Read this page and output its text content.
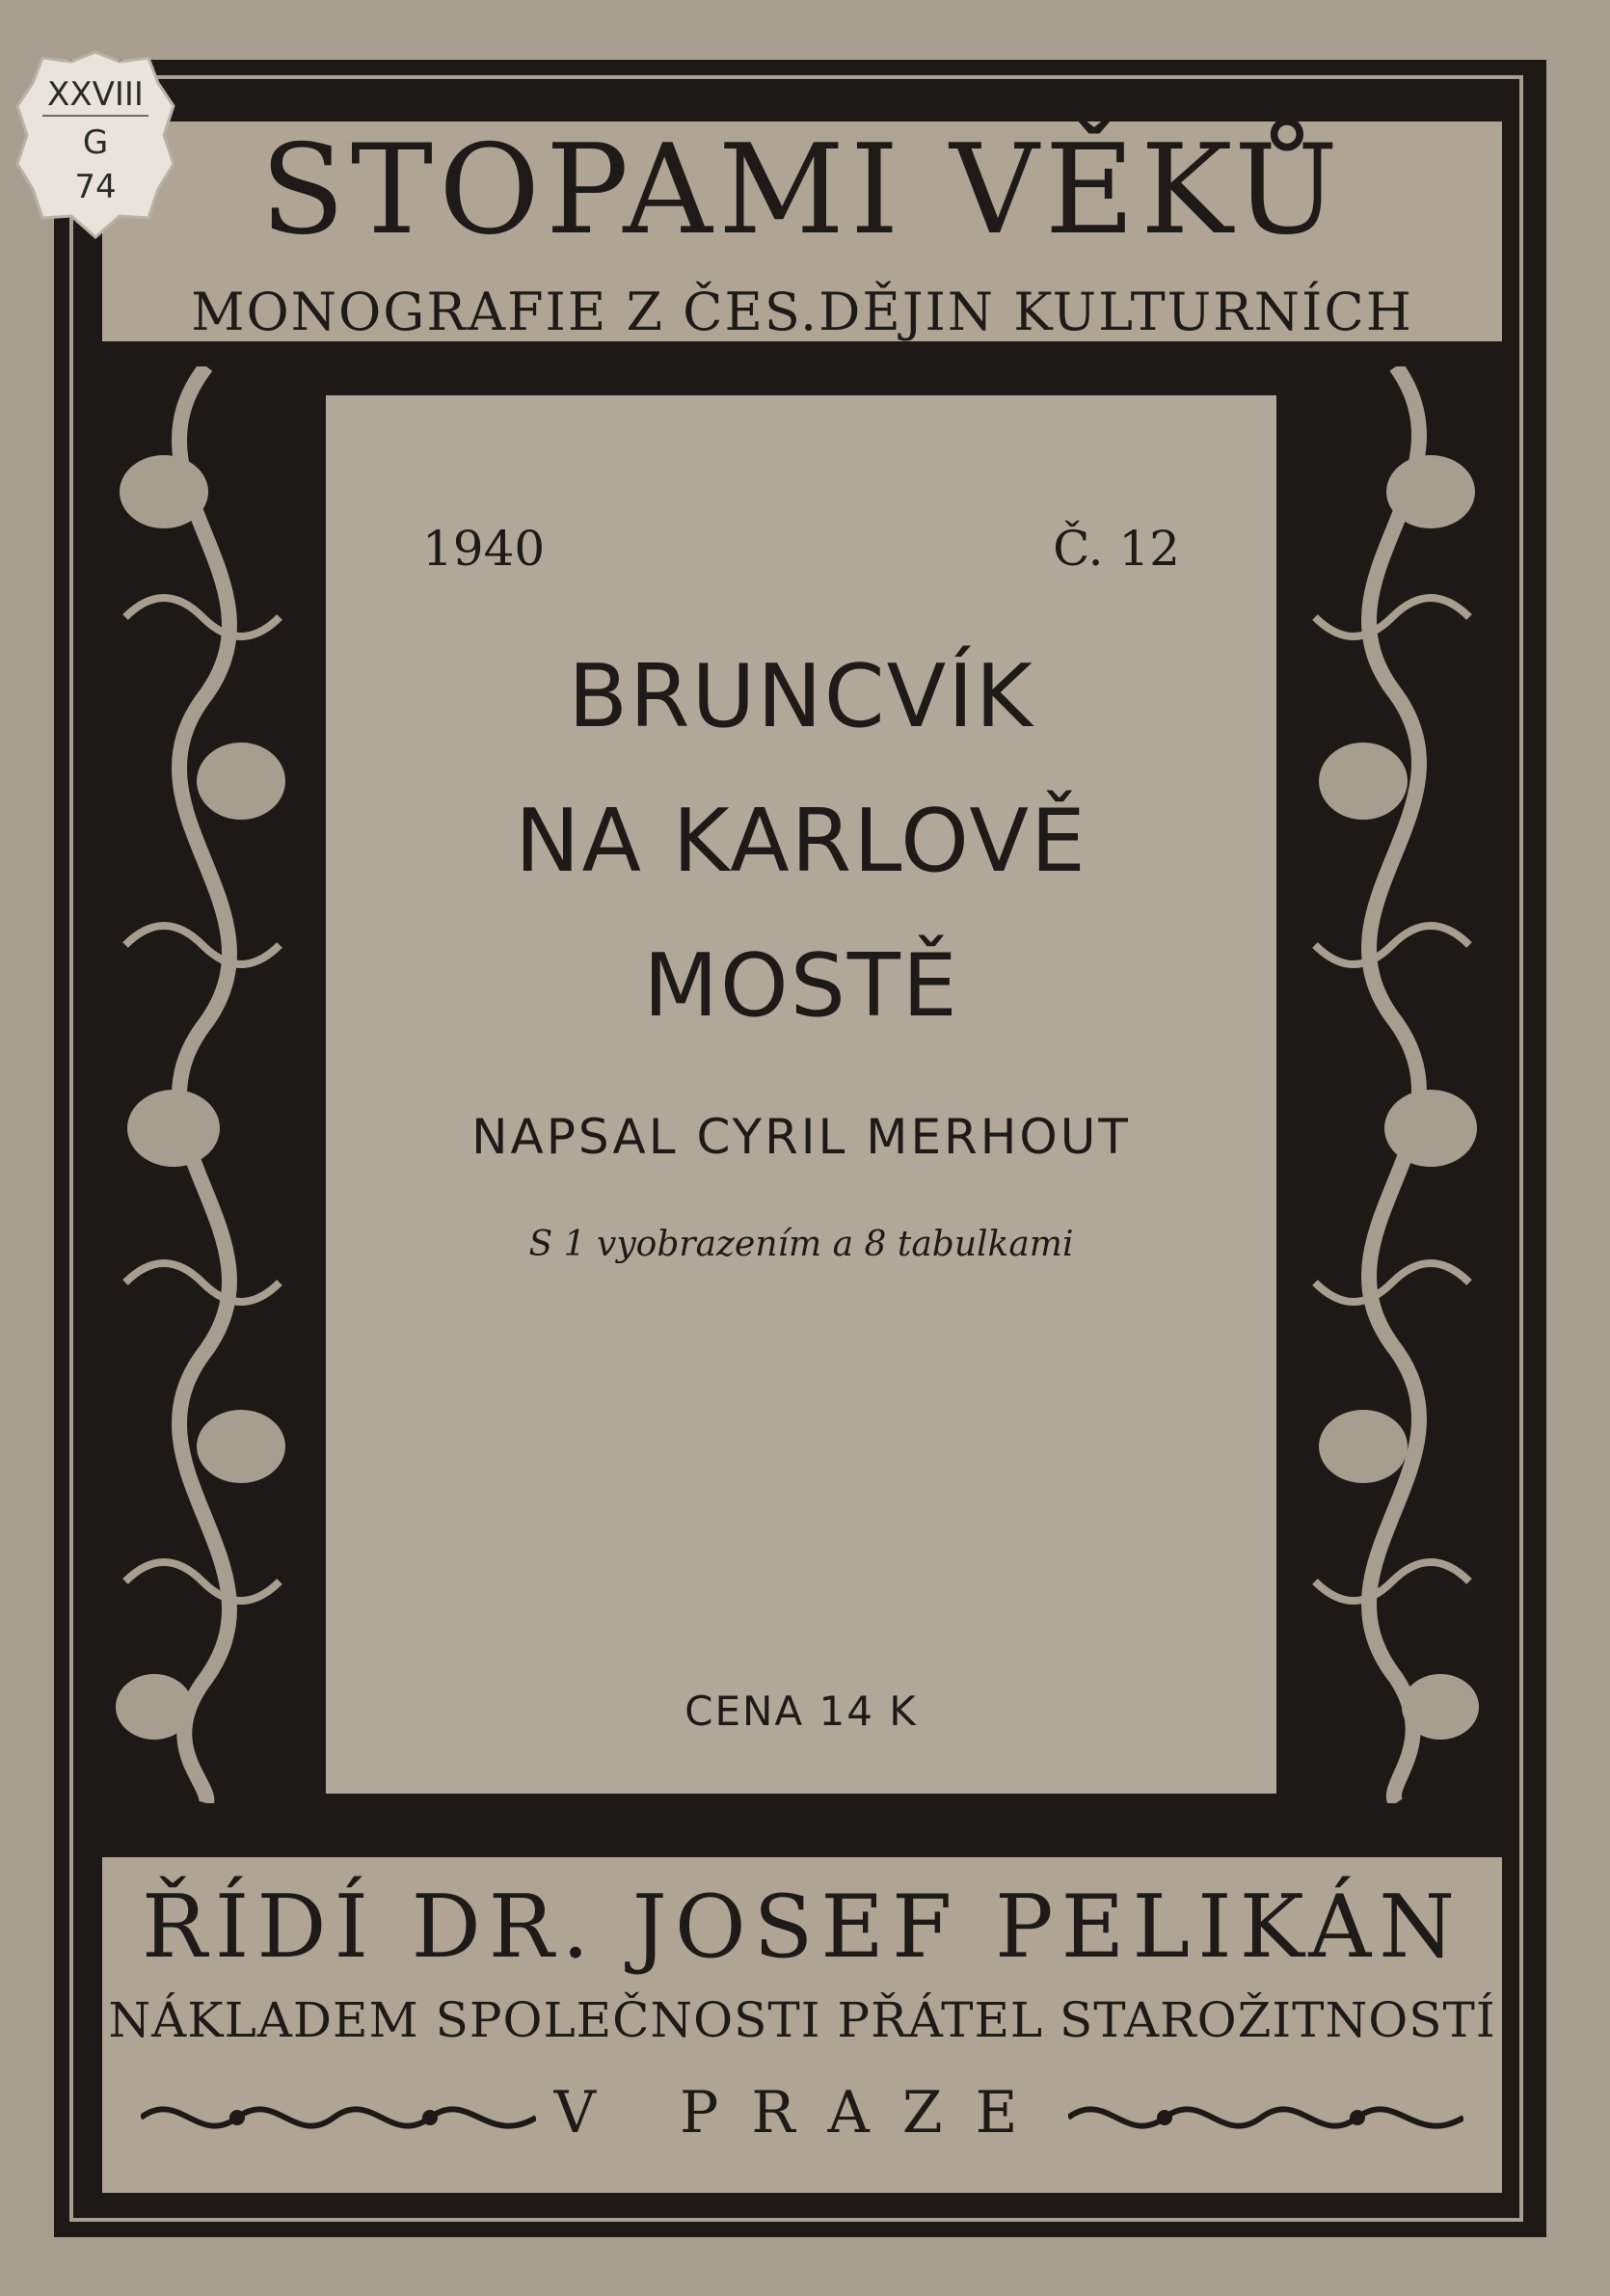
STOPAMI VĚKŮ
MONOGRAFIE Z ČES.DĚJIN KULTURNÍCH
1940	Č. 12
BRUNCVÍK
NA KARLOVĚ
MOSTĚ
NAPSAL CYRIL MERHOUT
S 1 vyobrazením a 8 tabulkami
CENA 14 K
ŘÍDÍ DR. JOSEF PELIKÁN
NÁKLADEM SPOLEČNOSTI PŘÁTEL STAROŽITNOSTÍ
V PRAZE
XXVIII
G
74
